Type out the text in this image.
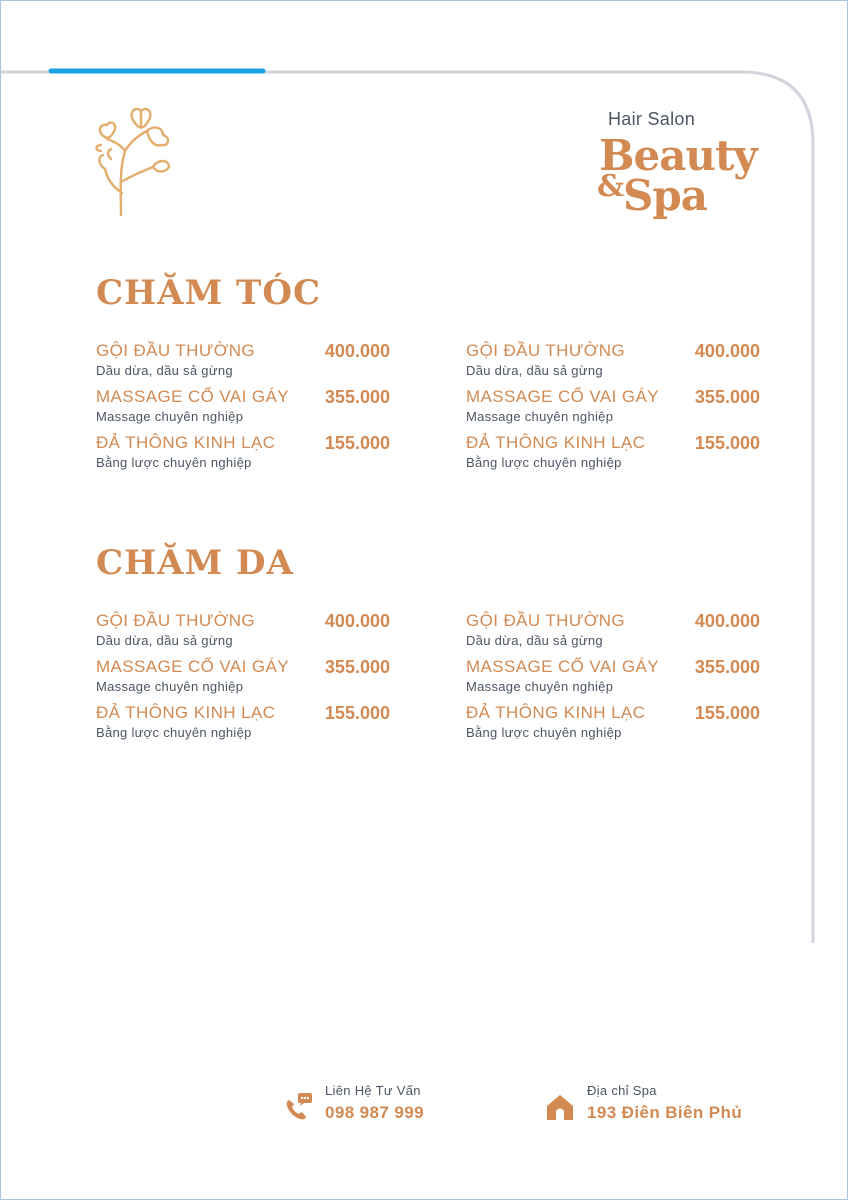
Hair Salon
Beauty
&
Spa
CHĂM TÓC
GỘI ĐẦU THƯỜNG	400.000
Dầu dừa, dầu sả gừng
MASSAGE CỔ VAI GÁY 355.000
Massage chuyên nghiệp
ĐẢ THÔNG KINH LẠC	155.000
Bằng lược chuyên nghiệp
GỘI ĐẦU THƯỜNG	400.000
Dầu dừa, dầu sả gừng
MASSAGE CỔ VAI GÁY 355.000
Massage chuyên nghiệp
ĐẢ THÔNG KINH LẠC	155.000
Bằng lược chuyên nghiệp
CHĂM DA
GỘI ĐẦU THƯỜNG	400.000
Dầu dừa, dầu sả gừng
MASSAGE CỔ VAI GÁY 355.000
Massage chuyên nghiệp
ĐẢ THÔNG KINH LẠC	155.000
Bằng lược chuyên nghiệp
GỘI ĐẦU THƯỜNG	400.000
Dầu dừa, dầu sả gừng
MASSAGE CỔ VAI GÁY 355.000
Massage chuyên nghiệp
ĐẢ THÔNG KINH LẠC	155.000
Bằng lược chuyên nghiệp
Liên Hệ Tư Vấn
098 987 999
Địa chỉ Spa
193 Điên Biên Phủ
